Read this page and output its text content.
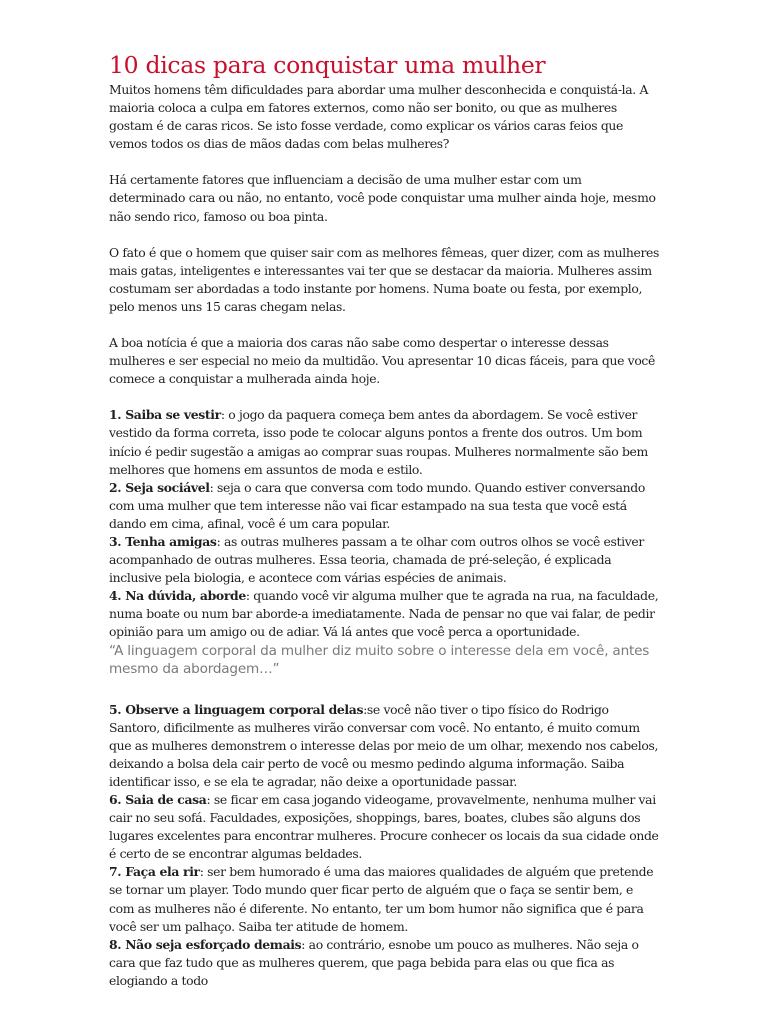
10 dicas para conquistar uma mulher

Muitos homens têm dificuldades para abordar uma mulher desconhecida e conquistá-la. A maioria coloca a culpa em fatores externos, como não ser bonito, ou que as mulheres gostam é de caras ricos. Se isto fosse verdade, como explicar os vários caras feios que vemos todos os dias de mãos dadas com belas mulheres?

Há certamente fatores que influenciam a decisão de uma mulher estar com um determinado cara ou não, no entanto, você pode conquistar uma mulher ainda hoje, mesmo não sendo rico, famoso ou boa pinta.

O fato é que o homem que quiser sair com as melhores fêmeas, quer dizer, com as mulheres mais gatas, inteligentes e interessantes vai ter que se destacar da maioria. Mulheres assim costumam ser abordadas a todo instante por homens. Numa boate ou festa, por exemplo, pelo menos uns 15 caras chegam nelas.

A boa notícia é que a maioria dos caras não sabe como despertar o interesse dessas mulheres e ser especial no meio da multidão. Vou apresentar 10 dicas fáceis, para que você comece a conquistar a mulherada ainda hoje.

1. Saiba se vestir: o jogo da paquera começa bem antes da abordagem. Se você estiver vestido da forma correta, isso pode te colocar alguns pontos a frente dos outros. Um bom início é pedir sugestão a amigas ao comprar suas roupas. Mulheres normalmente são bem melhores que homens em assuntos de moda e estilo.

2. Seja sociável: seja o cara que conversa com todo mundo. Quando estiver conversando com uma mulher que tem interesse não vai ficar estampado na sua testa que você está dando em cima, afinal, você é um cara popular.

3. Tenha amigas: as outras mulheres passam a te olhar com outros olhos se você estiver acompanhado de outras mulheres. Essa teoria, chamada de pré-seleção, é explicada inclusive pela biologia, e acontece com várias espécies de animais.

4. Na dúvida, aborde: quando você vir alguma mulher que te agrada na rua, na faculdade, numa boate ou num bar aborde-a imediatamente. Nada de pensar no que vai falar, de pedir opinião para um amigo ou de adiar. Vá lá antes que você perca a oportunidade.

“A linguagem corporal da mulher diz muito sobre o interesse dela em você, antes mesmo da abordagem…”

5. Observe a linguagem corporal delas:se você não tiver o tipo físico do Rodrigo Santoro, dificilmente as mulheres virão conversar com você. No entanto, é muito comum que as mulheres demonstrem o interesse delas por meio de um olhar, mexendo nos cabelos, deixando a bolsa dela cair perto de você ou mesmo pedindo alguma informação. Saiba identificar isso, e se ela te agradar, não deixe a oportunidade passar.

6. Saia de casa: se ficar em casa jogando videogame, provavelmente, nenhuma mulher vai cair no seu sofá. Faculdades, exposições, shoppings, bares, boates, clubes são alguns dos lugares excelentes para encontrar mulheres. Procure conhecer os locais da sua cidade onde é certo de se encontrar algumas beldades.

7. Faça ela rir: ser bem humorado é uma das maiores qualidades de alguém que pretende se tornar um player. Todo mundo quer ficar perto de alguém que o faça se sentir bem, e com as mulheres não é diferente. No entanto, ter um bom humor não significa que é para você ser um palhaço. Saiba ter atitude de homem.

8. Não seja esforçado demais: ao contrário, esnobe um pouco as mulheres. Não seja o cara que faz tudo que as mulheres querem, que paga bebida para elas ou que fica as elogiando a todo
